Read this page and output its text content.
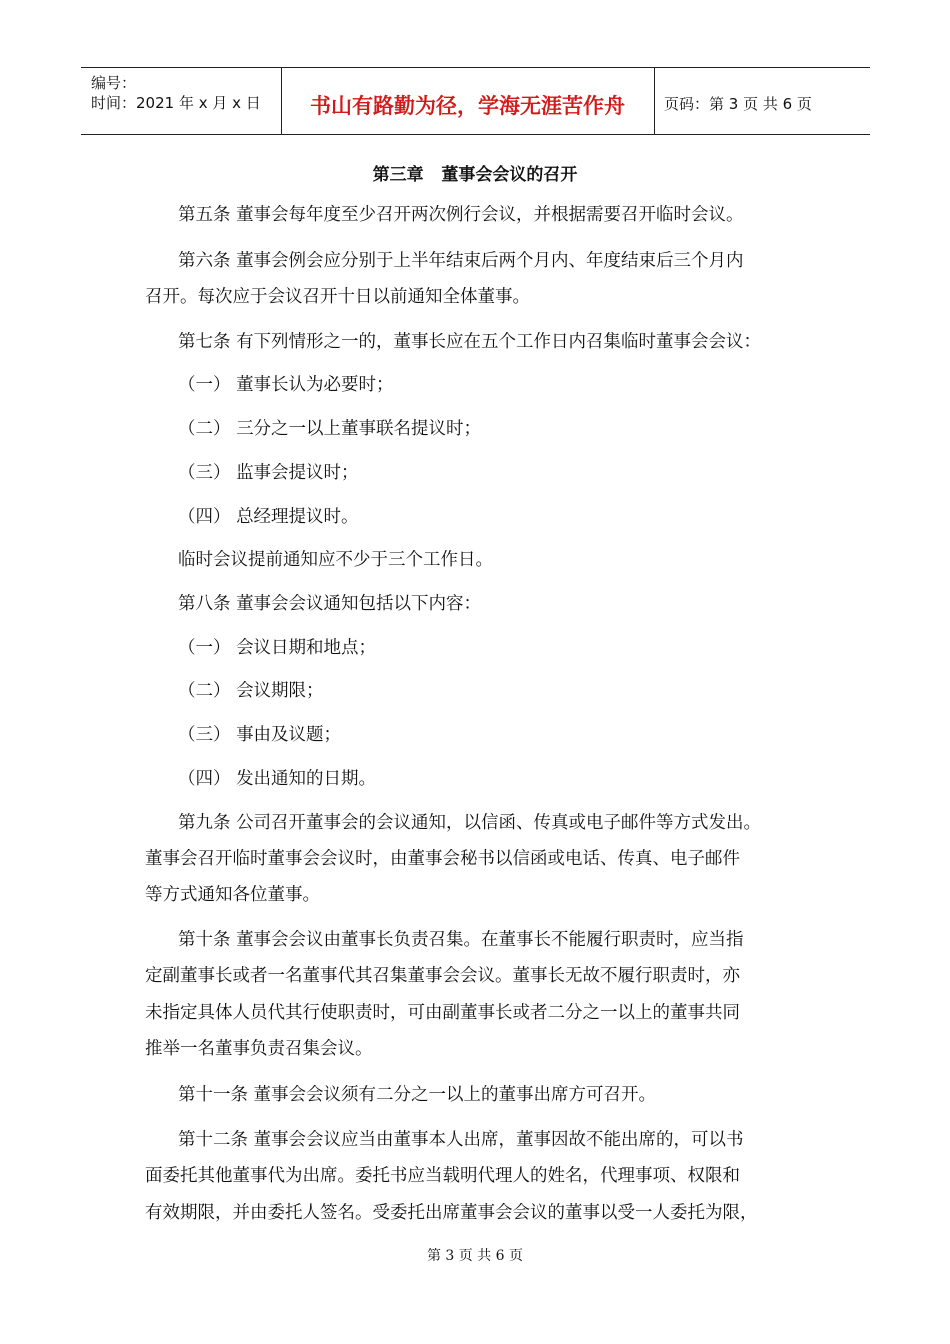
编号：
时间：2021 年 x 月 x 日	书山有路勤为径，学海无涯苦作舟	页码：第 3 页 共 6 页
第三章   董事会会议的召开
第五条 董事会每年度至少召开两次例行会议，并根据需要召开临时会议。
第六条 董事会例会应分别于上半年结束后两个月内、年度结束后三个月内
召开。每次应于会议召开十日以前通知全体董事。
第七条 有下列情形之一的，董事长应在五个工作日内召集临时董事会会议：
（一） 董事长认为必要时；
（二） 三分之一以上董事联名提议时；
（三） 监事会提议时；
（四） 总经理提议时。
临时会议提前通知应不少于三个工作日。
第八条 董事会会议通知包括以下内容：
（一） 会议日期和地点；
（二） 会议期限；
（三） 事由及议题；
（四） 发出通知的日期。
第九条 公司召开董事会的会议通知，以信函、传真或电子邮件等方式发出。
董事会召开临时董事会会议时，由董事会秘书以信函或电话、传真、电子邮件
等方式通知各位董事。
第十条 董事会会议由董事长负责召集。在董事长不能履行职责时，应当指
定副董事长或者一名董事代其召集董事会会议。董事长无故不履行职责时，亦
未指定具体人员代其行使职责时，可由副董事长或者二分之一以上的董事共同
推举一名董事负责召集会议。
第十一条 董事会会议须有二分之一以上的董事出席方可召开。
第十二条 董事会会议应当由董事本人出席，董事因故不能出席的，可以书
面委托其他董事代为出席。委托书应当载明代理人的姓名，代理事项、权限和
有效期限，并由委托人签名。受委托出席董事会会议的董事以受一人委托为限，
第 3 页 共 6 页
